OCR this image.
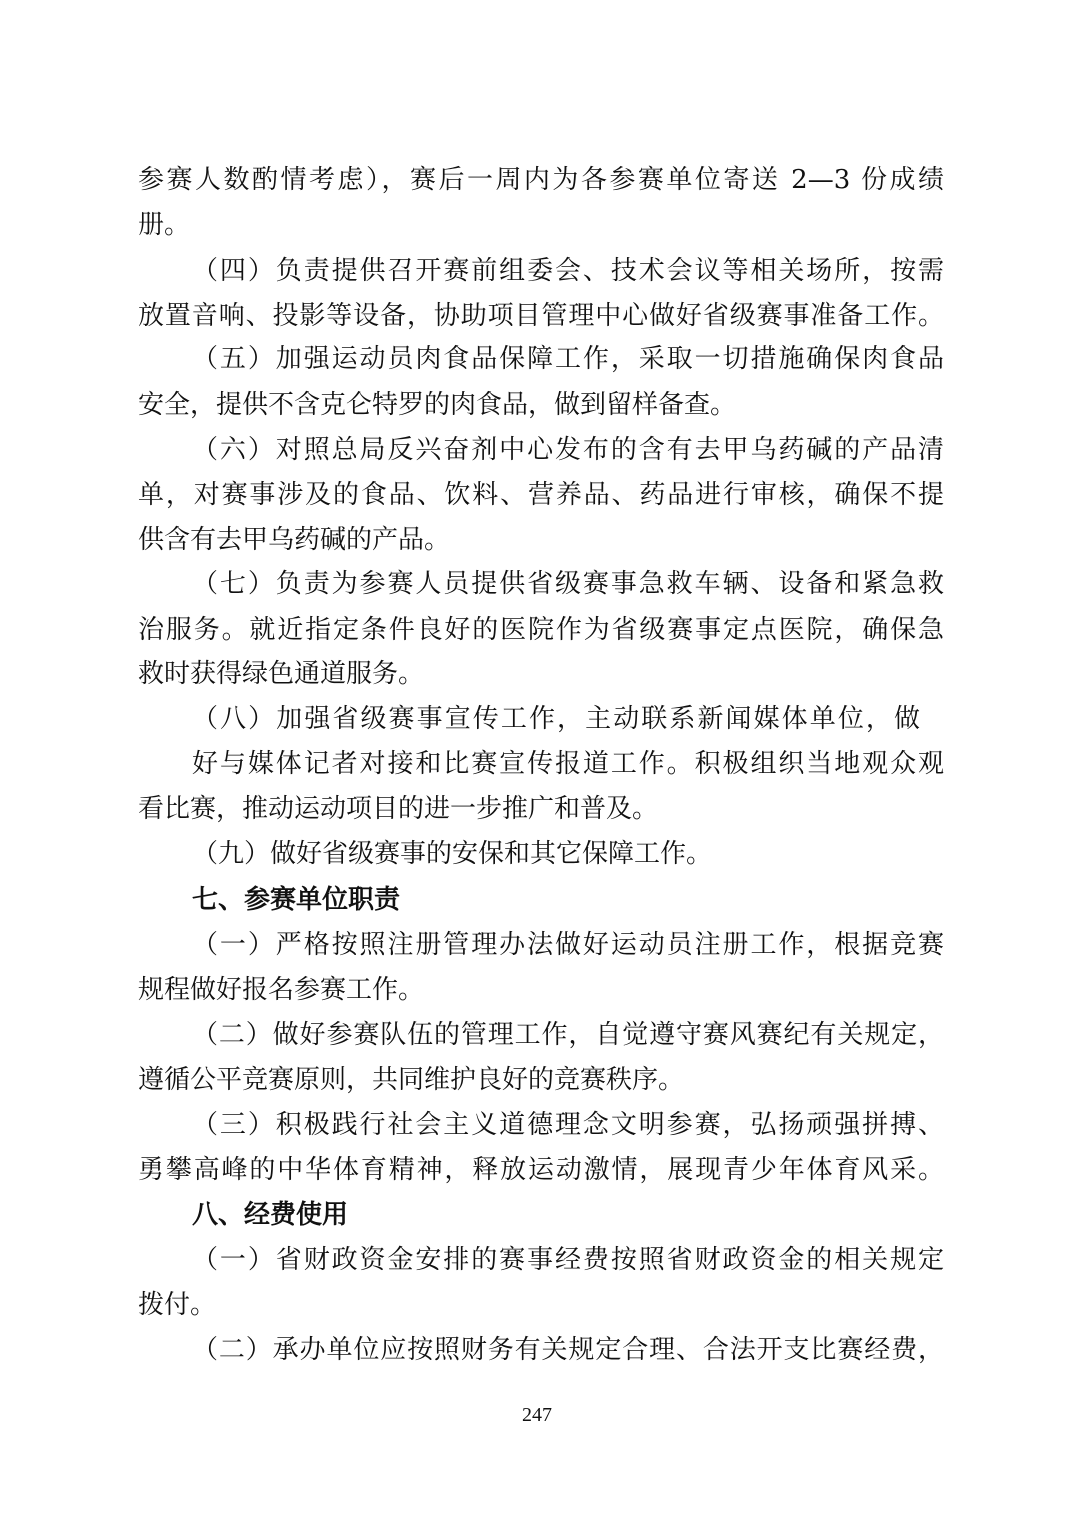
参赛人数酌情考虑），赛后一周内为各参赛单位寄送 2—3 份成绩

册。

（四）负责提供召开赛前组委会、技术会议等相关场所，按需

放置音响、投影等设备，协助项目管理中心做好省级赛事准备工作。

（五）加强运动员肉食品保障工作，采取一切措施确保肉食品

安全，提供不含克仑特罗的肉食品，做到留样备查。

（六）对照总局反兴奋剂中心发布的含有去甲乌药碱的产品清

单，对赛事涉及的食品、饮料、营养品、药品进行审核，确保不提

供含有去甲乌药碱的产品。

（七）负责为参赛人员提供省级赛事急救车辆、设备和紧急救

治服务。就近指定条件良好的医院作为省级赛事定点医院，确保急

救时获得绿色通道服务。

（八）加强省级赛事宣传工作，主动联系新闻媒体单位，做

好与媒体记者对接和比赛宣传报道工作。积极组织当地观众观

看比赛，推动运动项目的进一步推广和普及。

（九）做好省级赛事的安保和其它保障工作。

七、参赛单位职责

（一）严格按照注册管理办法做好运动员注册工作，根据竞赛

规程做好报名参赛工作。

（二）做好参赛队伍的管理工作，自觉遵守赛风赛纪有关规定，

遵循公平竞赛原则，共同维护良好的竞赛秩序。

（三）积极践行社会主义道德理念文明参赛，弘扬顽强拼搏、

勇攀高峰的中华体育精神，释放运动激情，展现青少年体育风采。

八、经费使用

（一）省财政资金安排的赛事经费按照省财政资金的相关规定

拨付。

（二）承办单位应按照财务有关规定合理、合法开支比赛经费，

247
